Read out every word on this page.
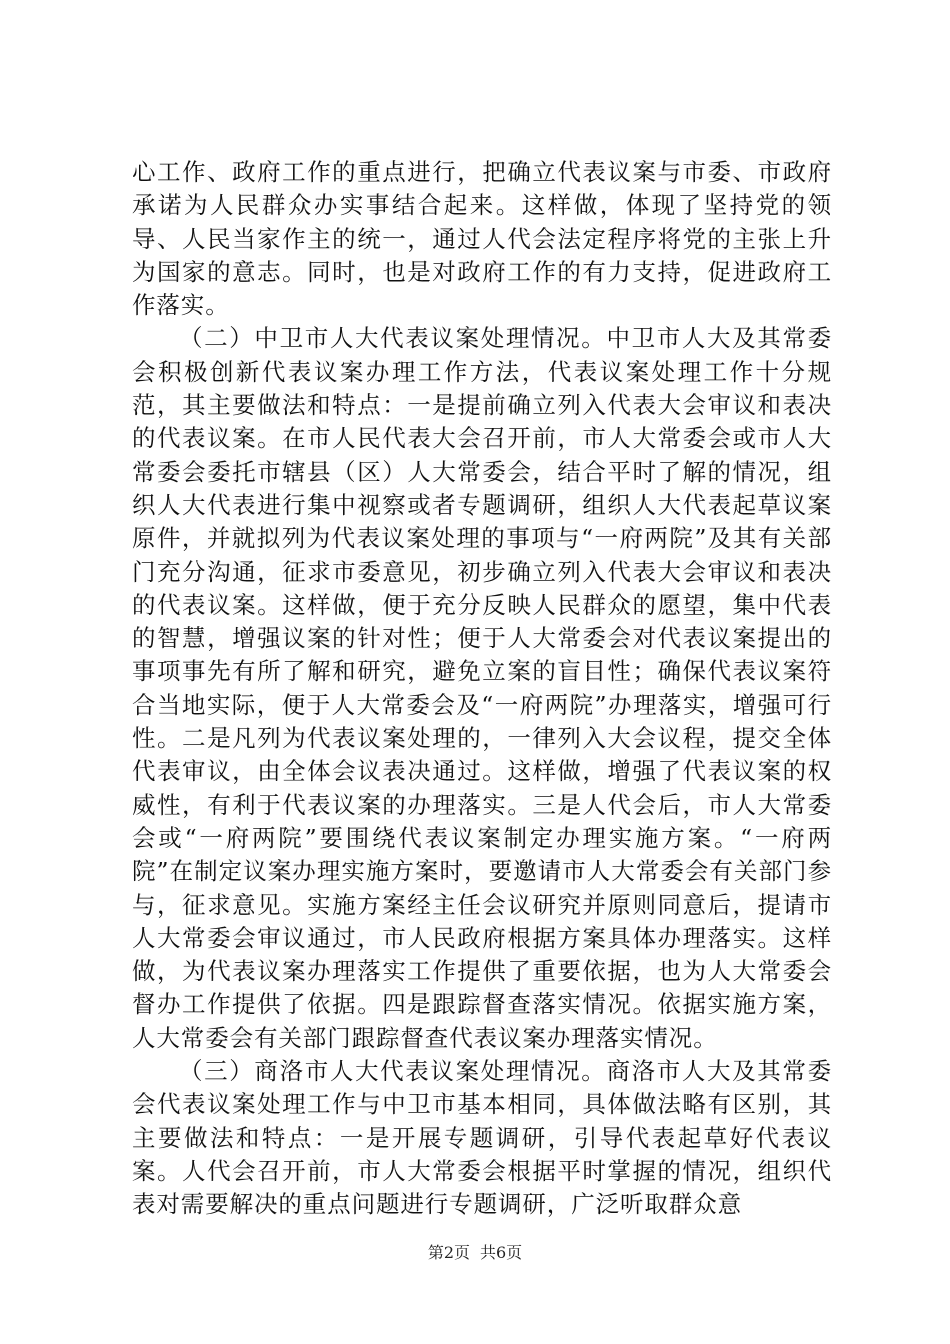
心工作、政府工作的重点进行，把确立代表议案与市委、市政府承诺为人民群众办实事结合起来。这样做，体现了坚持党的领导、人民当家作主的统一，通过人代会法定程序将党的主张上升为国家的意志。同时，也是对政府工作的有力支持，促进政府工作落实。

（二）中卫市人大代表议案处理情况。中卫市人大及其常委会积极创新代表议案办理工作方法，代表议案处理工作十分规范，其主要做法和特点：一是提前确立列入代表大会审议和表决的代表议案。在市人民代表大会召开前，市人大常委会或市人大常委会委托市辖县（区）人大常委会，结合平时了解的情况，组织人大代表进行集中视察或者专题调研，组织人大代表起草议案原件，并就拟列为代表议案处理的事项与“一府两院”及其有关部门充分沟通，征求市委意见，初步确立列入代表大会审议和表决的代表议案。这样做，便于充分反映人民群众的愿望，集中代表的智慧，增强议案的针对性；便于人大常委会对代表议案提出的事项事先有所了解和研究，避免立案的盲目性；确保代表议案符合当地实际，便于人大常委会及“一府两院”办理落实，增强可行性。二是凡列为代表议案处理的，一律列入大会议程，提交全体代表审议，由全体会议表决通过。这样做，增强了代表议案的权威性，有利于代表议案的办理落实。三是人代会后，市人大常委会或“一府两院”要围绕代表议案制定办理实施方案。“一府两院”在制定议案办理实施方案时，要邀请市人大常委会有关部门参与，征求意见。实施方案经主任会议研究并原则同意后，提请市人大常委会审议通过，市人民政府根据方案具体办理落实。这样做，为代表议案办理落实工作提供了重要依据，也为人大常委会督办工作提供了依据。四是跟踪督查落实情况。依据实施方案，人大常委会有关部门跟踪督查代表议案办理落实情况。

（三）商洛市人大代表议案处理情况。商洛市人大及其常委会代表议案处理工作与中卫市基本相同，具体做法略有区别，其主要做法和特点：一是开展专题调研，引导代表起草好代表议案。人代会召开前，市人大常委会根据平时掌握的情况，组织代表对需要解决的重点问题进行专题调研，广泛听取群众意

第2页 共6页
